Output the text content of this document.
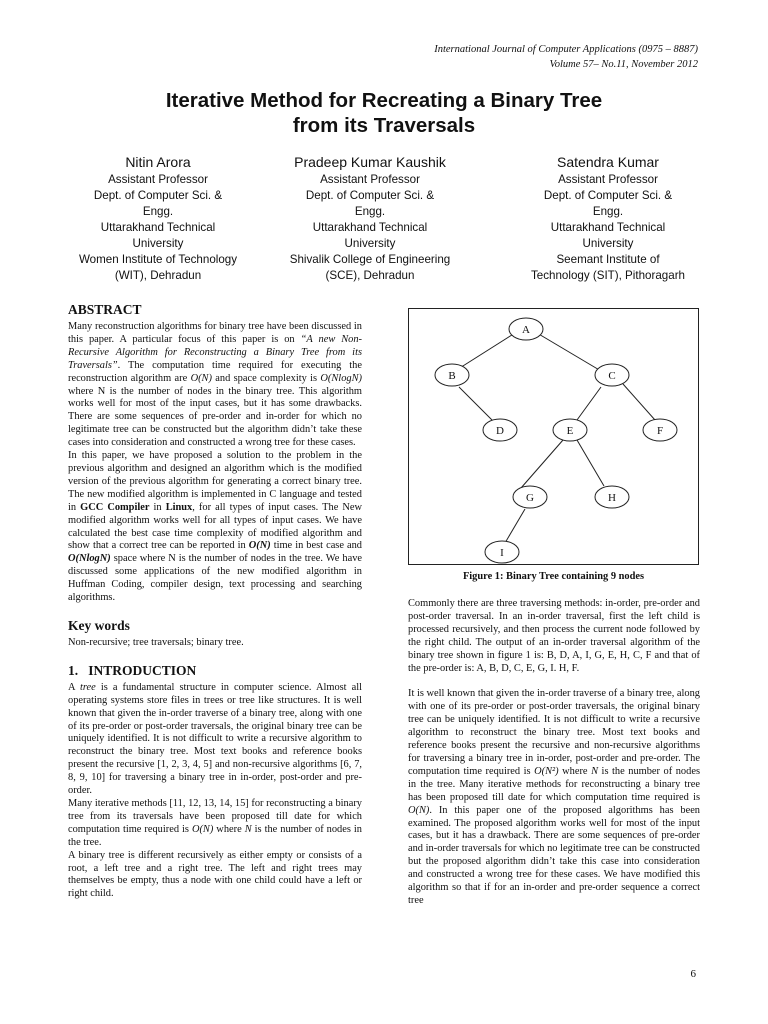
International Journal of Computer Applications (0975 – 8887)
Volume 57– No.11, November 2012
Iterative Method for Recreating a Binary Tree
from its Traversals
Nitin Arora
Assistant Professor
Dept. of Computer Sci. &
Engg.
Uttarakhand Technical
University
Women Institute of Technology
(WIT), Dehradun
Pradeep Kumar Kaushik
Assistant Professor
Dept. of Computer Sci. &
Engg.
Uttarakhand Technical
University
Shivalik College of Engineering
(SCE), Dehradun
Satendra Kumar
Assistant Professor
Dept. of Computer Sci. &
Engg.
Uttarakhand Technical
University
Seemant Institute of
Technology (SIT), Pithoragarh
ABSTRACT

Many reconstruction algorithms for binary tree have been discussed in this paper. A particular focus of this paper is on “A new Non-Recursive Algorithm for Reconstructing a Binary Tree from its Traversals”. The computation time required for executing the reconstruction algorithm are O(N) and space complexity is O(NlogN) where N is the number of nodes in the binary tree. This algorithm works well for most of the input cases, but it has some drawbacks. There are some sequences of pre-order and in-order for which no legitimate tree can be constructed but the algorithm didn’t take these cases into consideration and constructed a wrong tree for these cases.

In this paper, we have proposed a solution to the problem in the previous algorithm and designed an algorithm which is the modified version of the previous algorithm for generating a correct binary tree. The new modified algorithm is implemented in C language and tested in GCC Compiler in Linux, for all types of input cases. The New modified algorithm works well for all types of input cases. We have calculated the best case time complexity of modified algorithm and show that a correct tree can be reported in O(N) time in best case and O(NlogN) space where N is the number of nodes in the tree. We have discussed some applications of the new modified algorithm in Huffman Coding, compiler design, text processing and searching algorithms.

Key words

Non-recursive; tree traversals; binary tree.

1.   INTRODUCTION

A tree is a fundamental structure in computer science. Almost all operating systems store files in trees or tree like structures. It is well known that given the in-order traverse of a binary tree, along with one of its pre-order or post-order traversals, the original binary tree can be uniquely identified. It is not difficult to write a recursive algorithm to reconstruct the binary tree. Most text books and reference books present the recursive [1, 2, 3, 4, 5] and non-recursive algorithms [6, 7, 8, 9, 10] for traversing a binary tree in in-order, post-order and pre-order.

Many iterative methods [11, 12, 13, 14, 15] for reconstructing a binary tree from its traversals have been proposed till date for which computation time required is O(N) where N is the number of nodes in the tree.

A binary tree is different recursively as either empty or consists of a root, a left tree and a right tree. The left and right trees may themselves be empty, thus a node with one child could have a left or right child.

A
B	C
D	E	F
G	H
I
Figure 1: Binary Tree containing 9 nodes

Commonly there are three traversing methods: in-order, pre-order and post-order traversal. In an in-order traversal, first the left child is processed recursively, and then process the current node followed by the right child. The output of an in-order traversal algorithm of the binary tree shown in figure 1 is: B, D, A, I, G, E, H, C, F and that of the pre-order is: A, B, D, C, E, G, I. H, F.

It is well known that given the in-order traverse of a binary tree, along with one of its pre-order or post-order traversals, the original binary tree can be uniquely identified. It is not difficult to write a recursive algorithm to reconstruct the binary tree. Most text books and reference books present the recursive and non-recursive algorithms for traversing a binary tree in in-order, post-order and pre-order. The computation time required is O(N²) where N is the number of nodes in the tree. Many iterative methods for reconstructing a binary tree has been proposed till date for which computation time required is O(N). In this paper one of the proposed algorithms has been examined. The proposed algorithm works well for most of the input cases, but it has a drawback. There are some sequences of pre-order and in-order traversals for which no legitimate tree can be constructed but the proposed algorithm didn’t take this case into consideration and constructed a wrong tree for these cases. We have modified this algorithm so that if for an in-order and pre-order sequence a correct tree

6
